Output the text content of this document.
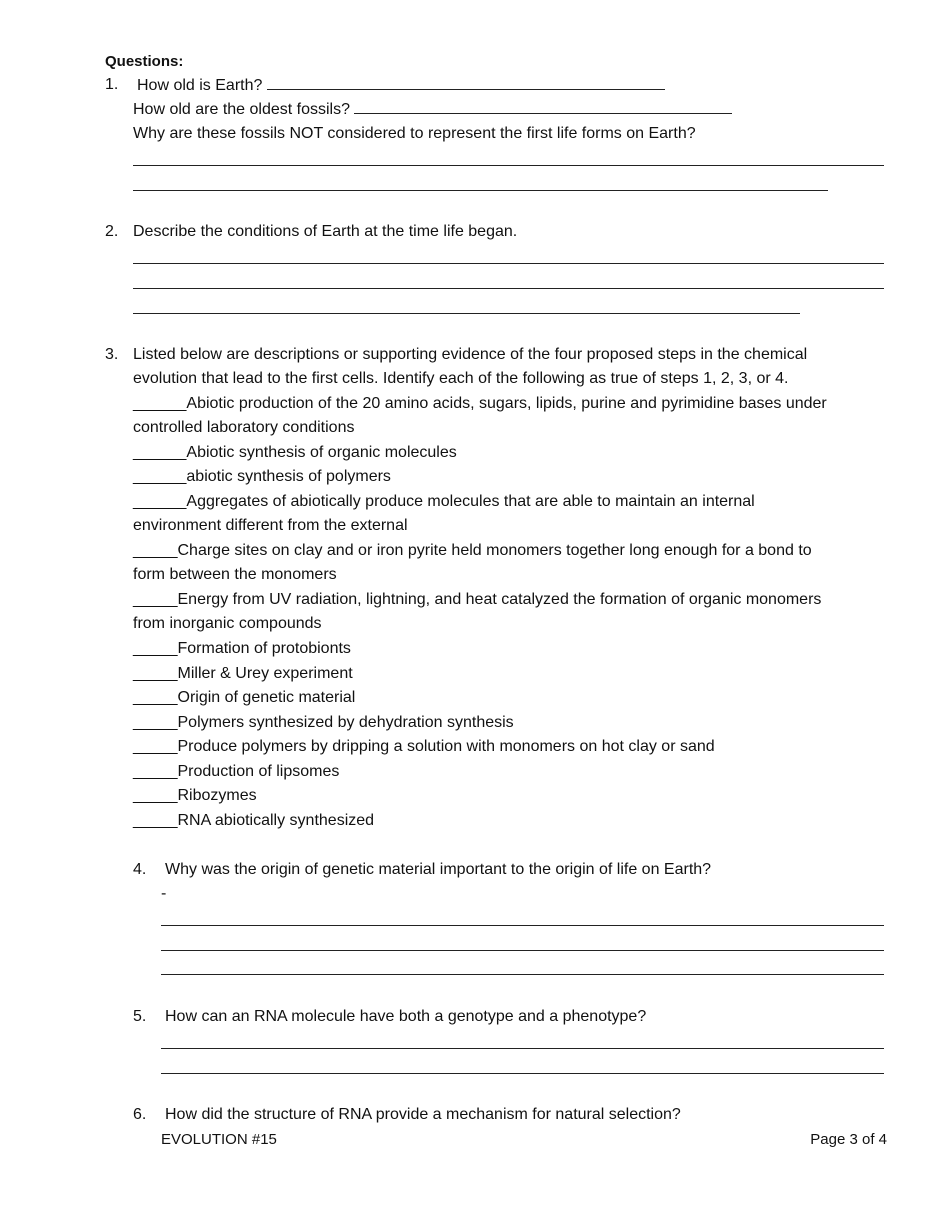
Questions:
1. How old is Earth?
How old are the oldest fossils?
Why are these fossils NOT considered to represent the first life forms on Earth?
2. Describe the conditions of Earth at the time life began.
3. Listed below are descriptions or supporting evidence of the four proposed steps in the chemical
evolution that lead to the first cells. Identify each of the following as true of steps 1, 2, 3, or 4.
______Abiotic production of the 20 amino acids, sugars, lipids, purine and pyrimidine bases under
controlled laboratory conditions
______Abiotic synthesis of organic molecules
______abiotic synthesis of polymers
______Aggregates of abiotically produce molecules that are able to maintain an internal
environment different from the external
_____Charge sites on clay and or iron pyrite held monomers together long enough for a bond to
form between the monomers
_____Energy from UV radiation, lightning, and heat catalyzed the formation of organic monomers
from inorganic compounds
_____Formation of protobionts
_____Miller & Urey experiment
_____Origin of genetic material
_____Polymers synthesized by dehydration synthesis
_____Produce polymers by dripping a solution with monomers on hot clay or sand
_____Production of lipsomes
_____Ribozymes
_____RNA abiotically synthesized
4. Why was the origin of genetic material important to the origin of life on Earth?
-
5. How can an RNA molecule have both a genotype and a phenotype?
6. How did the structure of RNA provide a mechanism for natural selection?
EVOLUTION #15	Page 3 of 4
